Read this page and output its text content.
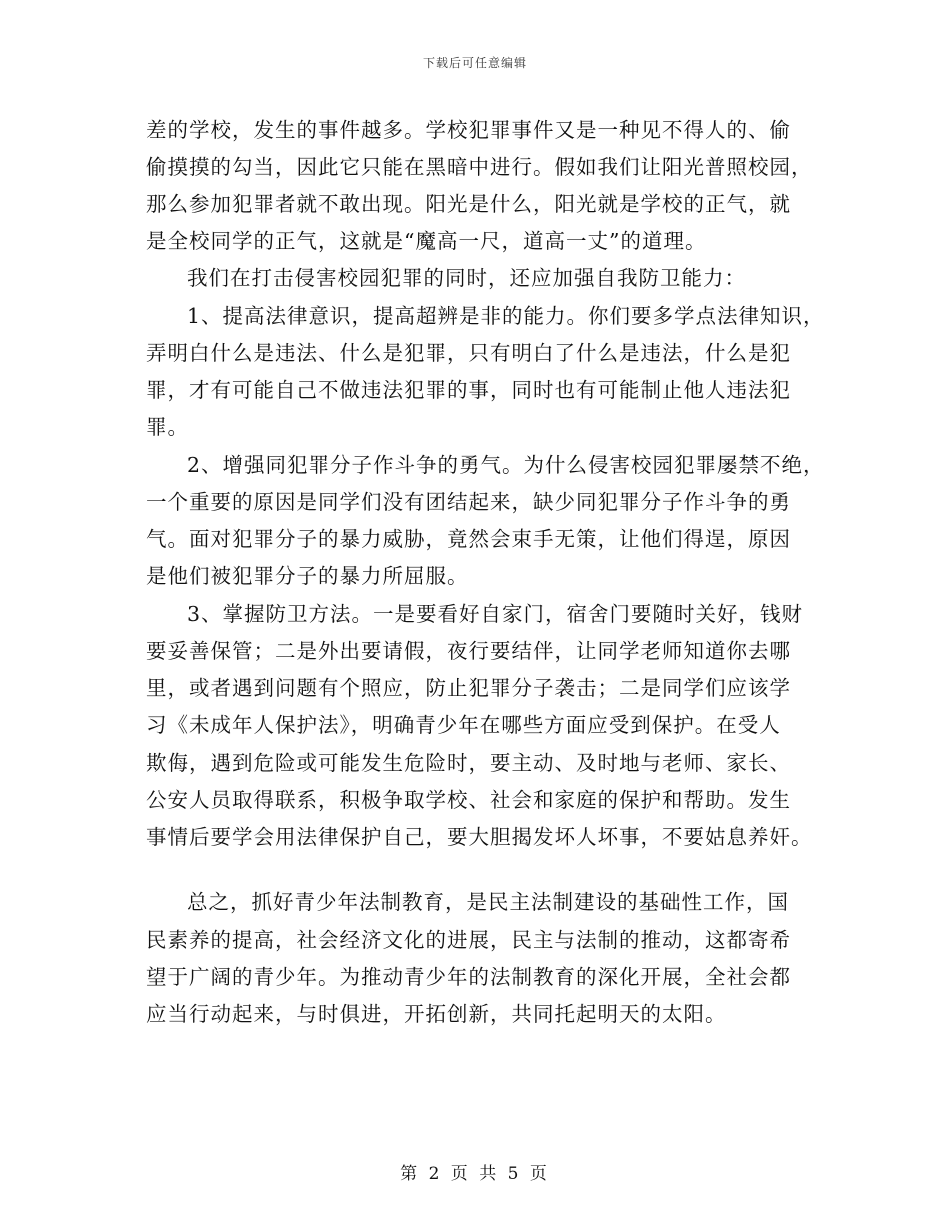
下载后可任意编辑
差的学校，发生的事件越多。学校犯罪事件又是一种见不得人的、偷
偷摸摸的勾当，因此它只能在黑暗中进行。假如我们让阳光普照校园，
那么参加犯罪者就不敢出现。阳光是什么，阳光就是学校的正气，就
是全校同学的正气，这就是“魔高一尺，道高一丈”的道理。
我们在打击侵害校园犯罪的同时，还应加强自我防卫能力：
1、提高法律意识，提高超辨是非的能力。你们要多学点法律知识，
弄明白什么是违法、什么是犯罪，只有明白了什么是违法，什么是犯
罪，才有可能自己不做违法犯罪的事，同时也有可能制止他人违法犯
罪。
2、增强同犯罪分子作斗争的勇气。为什么侵害校园犯罪屡禁不绝，
一个重要的原因是同学们没有团结起来，缺少同犯罪分子作斗争的勇
气。面对犯罪分子的暴力威胁，竟然会束手无策，让他们得逞，原因
是他们被犯罪分子的暴力所屈服。
3、掌握防卫方法。一是要看好自家门，宿舍门要随时关好，钱财
要妥善保管；二是外出要请假，夜行要结伴，让同学老师知道你去哪
里，或者遇到问题有个照应，防止犯罪分子袭击；二是同学们应该学
习《未成年人保护法》，明确青少年在哪些方面应受到保护。在受人
欺侮，遇到危险或可能发生危险时，要主动、及时地与老师、家长、
公安人员取得联系，积极争取学校、社会和家庭的保护和帮助。发生
事情后要学会用法律保护自己，要大胆揭发坏人坏事，不要姑息养奸。
总之，抓好青少年法制教育，是民主法制建设的基础性工作，国
民素养的提高，社会经济文化的进展，民主与法制的推动，这都寄希
望于广阔的青少年。为推动青少年的法制教育的深化开展，全社会都
应当行动起来，与时俱进，开拓创新，共同托起明天的太阳。
第 2 页 共 5 页
